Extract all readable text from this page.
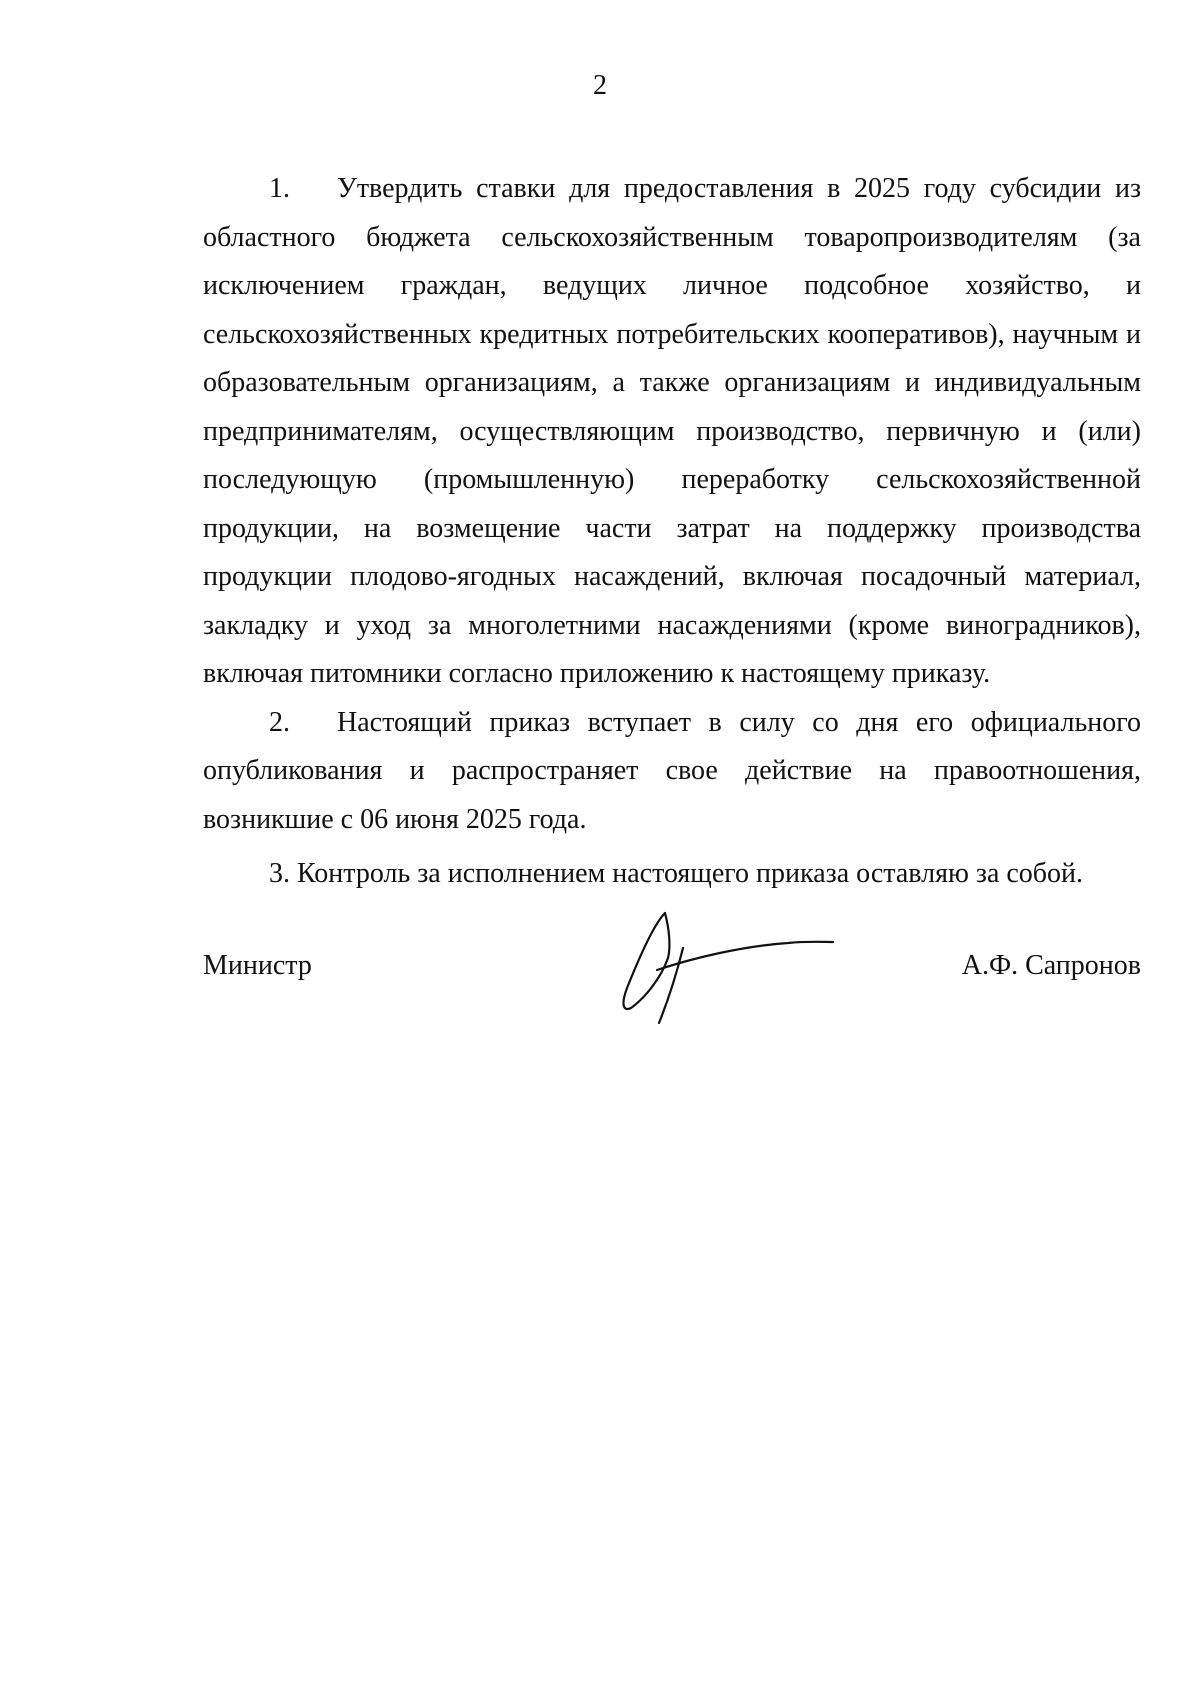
2

1. Утвердить ставки для предоставления в 2025 году субсидии из областного бюджета сельскохозяйственным товаропроизводителям (за исключением граждан, ведущих личное подсобное хозяйство, и сельскохозяйственных кредитных потребительских кооперативов), научным и образовательным организациям, а также организациям и индивидуальным предпринимателям, осуществляющим производство, первичную и (или) последующую (промышленную) переработку сельскохозяйственной продукции, на возмещение части затрат на поддержку производства продукции плодово-ягодных насаждений, включая посадочный материал, закладку и уход за многолетними насаждениями (кроме виноградников), включая питомники согласно приложению к настоящему приказу.

2. Настоящий приказ вступает в силу со дня его официального опубликования и распространяет свое действие на правоотношения, возникшие с 06 июня 2025 года.

3. Контроль за исполнением настоящего приказа оставляю за собой.

Министр	А.Ф. Сапронов
